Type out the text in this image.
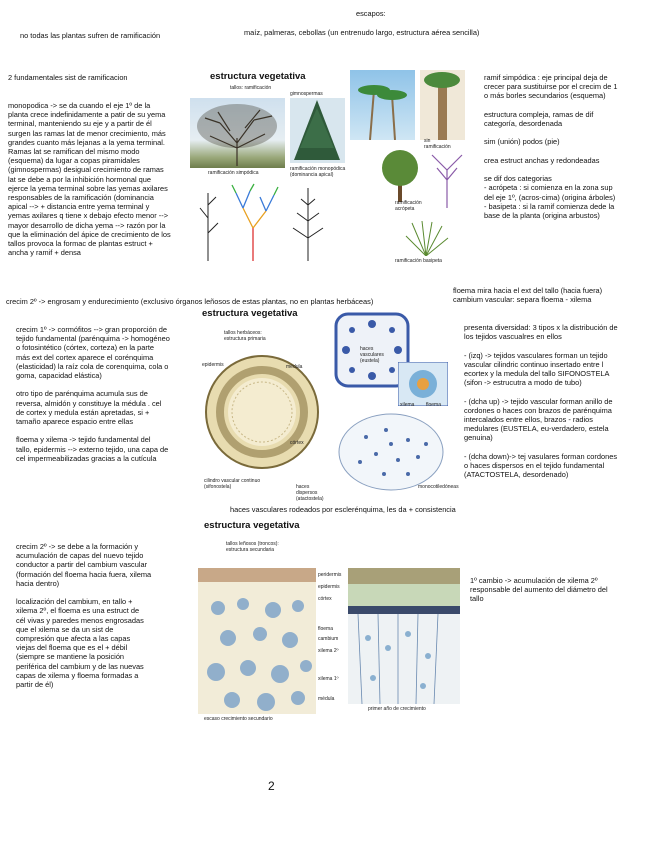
escapos:
no todas las plantas sufren de ramificación	maíz, palmeras, cebollas (un entrenudo largo, estructura aérea sencilla)
2 fundamentales sist de ramificacion
monopodica -> se da cuando el eje 1º de la
planta crece indefinidamente a patir de su yema
terminal, manteniendo su eje y a partir de él
surgen las ramas lat de menor crecimiento, más
grandes cuanto más lejanas a la yema terminal.
Ramas lat se ramifican del mismo modo
(esquema) da lugar a copas piramidales
(gimnospermas) desigual crecimiento de ramas
lat se debe a por la inhibición hormonal que
ejerce la yema terminal sobre las yemas axilares
responsables de la ramificación (dominancia
apical --> + distancia entre yema terminal y
yemas axilares q tiene x debajo efecto menor -->
mayor desarrollo de dicha yema --> razón por la
que la eliminación del ápice de crecimiento de los
tallos provoca la formac de plantas estruct +
ancha y ramif + densa
estructura vegetativa
tallos: ramificación
gimnospermas
sin
ramificación
ramificación simpódica
ramificación monopódica
(dominancia apical)
ramificación
acrópeta
ramificación basipeta
ramif simpódica : eje principal deja de
crecer para sustituirse por el crecim de 1
o más borles secundarios (esquema)

estructura compleja, ramas de dif
categoría, desordenada

sim (unión) podos (pie)

crea estruct anchas y redondeadas

se dif dos categorias
- acrópeta : si comienza en la zona sup
del eje 1º, (acros-cima) (origina árboles)
- basipeta : si la ramif comienza dede la
base de la planta (origina arbustos)
floema mira hacia el ext del tallo (hacia fuera)
cambium vascular: separa floema - xilema
crecim 2º -> engrosam y endurecimiento (exclusivo órganos leñosos de estas plantas, no en plantas herbáceas)
crecim 1º -> cormófitos --> gran proporción de
tejido fundamental (parénquima -> homogéneo
o fotosintético (córtex, corteza) en la parte
más ext del cortex aparece el corénquima
(elasticidad) la raíz cola de corenquima, cola o
goma, capacidad elástica)

otro tipo de parénquima acumula sus de
reversa, almidón y constituye la médula . cel
de cortex y medula están apretadas, si +
tamaño aparece espacio entre ellas

floema y xilema -> tejido fundamental del
tallo, epidermis --> externo tejido, una capa de
cel impermeabilizadas gracias a la cutícula
estructura vegetativa
tallos herbáceos:
estructura primaria
epidermis	médula
córtex
cilindro vascular continuo
(sifonostela)	haces
dispersos
(atactostela)
haces
vasculares
(eustela)
xilema floema
monocotiledóneas
presenta diversidad: 3 tipos x la distribución de
los tejidos vascualres en ellos

- (izq) -> tejidos vasculares forman un tejido
vascular cilindric continuo insertado entre l
ecortex y la medula del tallo SIFONOSTELA
(sifon -> estrucutra a modo de tubo)

- (dcha up) -> tejido vascular forman anillo de
cordones o haces con brazos de parénquima
intercalados entre ellos, brazos - radios
medulares (EUSTELA, eu-verdadero, estela
genuina)

- (dcha down)-> tej vasulares forman cordones
o haces dispersos en el tejido fundamental
(ATACTOSTELA, desordenado)
haces vasculares rodeados por esclerénquima, les da + consistencia
crecim 2º -> se debe a la formación y
acumulación de capas del nuevo tejido
conductor a partir del cambium vascular
(formación del floema hacia fuera, xilema
hacia dentro)

localización del cambium, en tallo +
xilema 2º, el floema es una estruct de
cél vivas y paredes menos engrosadas
que el xilema se da un sist de
compresión que afecta a las capas
viejas del floema que es el + débil
(siempre se mantiene la posición
periférica del cambium y de las nuevas
capas de xilema y floema formadas a
partir de él)
estructura vegetativa
tallos leñosos (troncos):
estructura secundaria
escaso crecimiento secundario
peridermis
epidermis
córtex
floema
cambium
xilema 2º
xilema 1º
médula
primer año de crecimiento
1º cambio -> acumulación de xilema 2º
responsable del aumento del diámetro del
tallo
2
